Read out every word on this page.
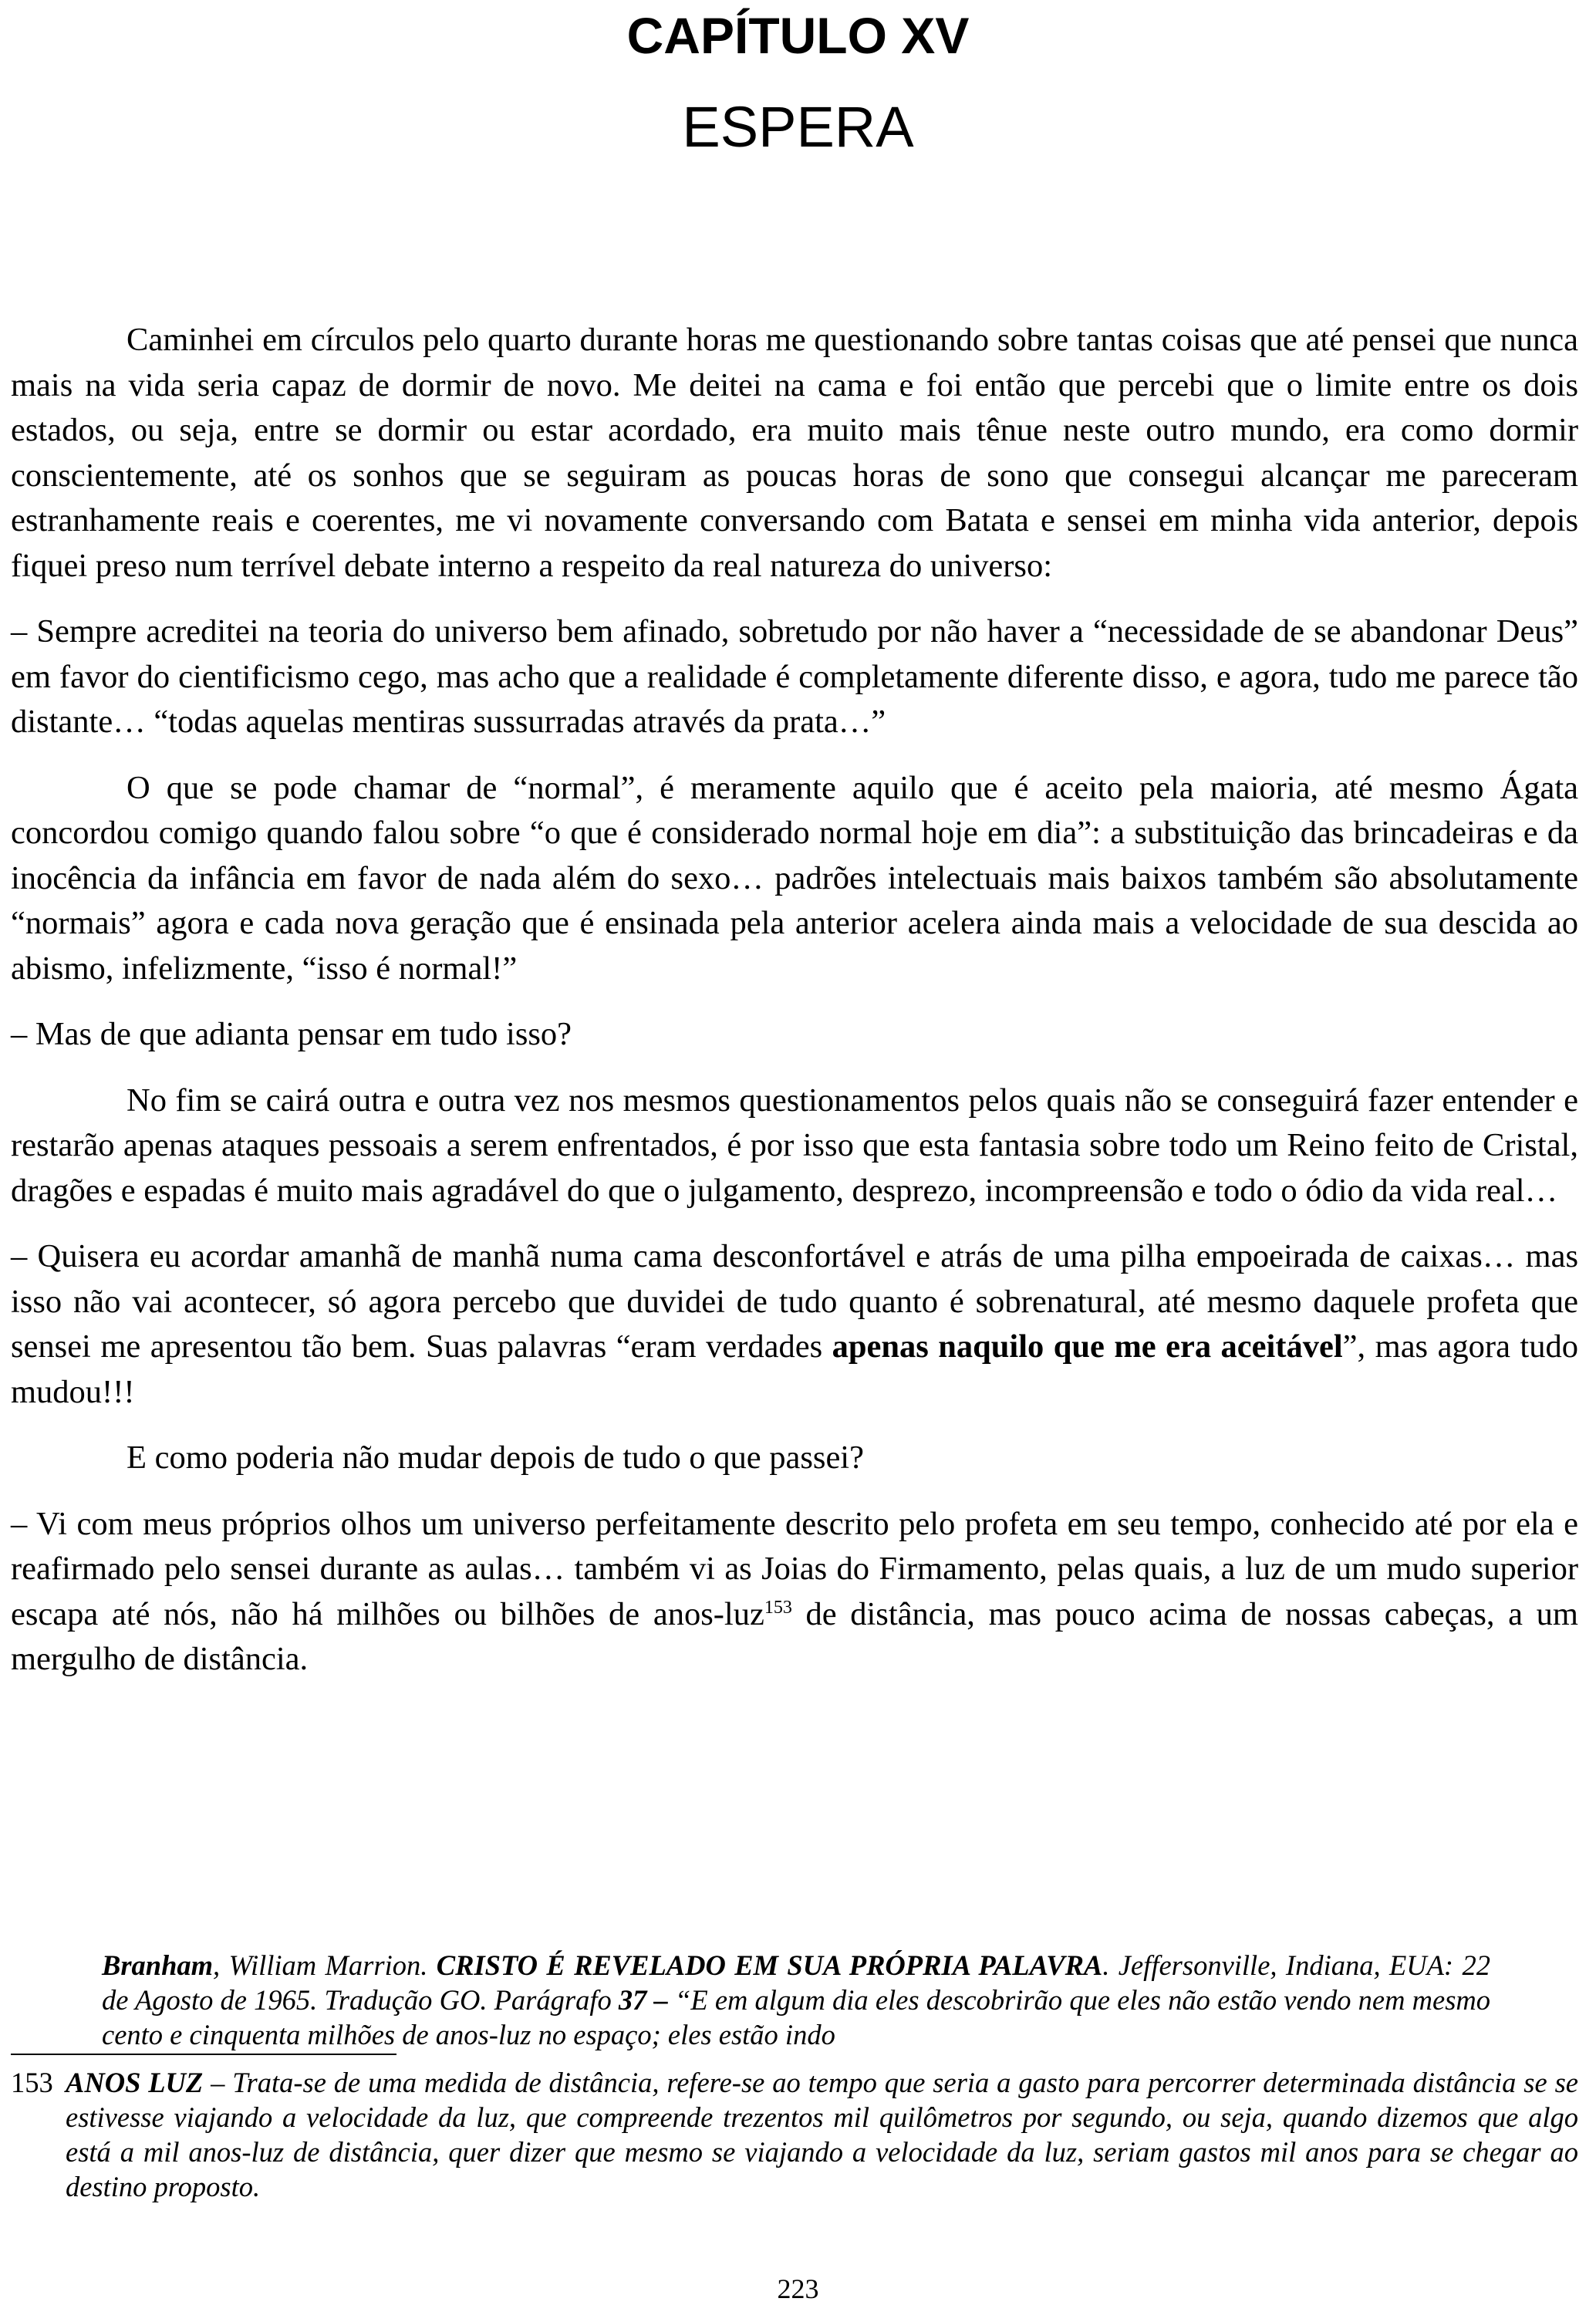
CAPÍTULO XV
ESPERA

Caminhei em círculos pelo quarto durante horas me questionando sobre tantas coisas que até pensei que nunca mais na vida seria capaz de dormir de novo. Me deitei na cama e foi então que percebi que o limite entre os dois estados, ou seja, entre se dormir ou estar acordado, era muito mais tênue neste outro mundo, era como dormir conscientemente, até os sonhos que se seguiram as poucas horas de sono que consegui alcançar me pareceram estranhamente reais e coerentes, me vi novamente conversando com Batata e sensei em minha vida anterior, depois fiquei preso num terrível debate interno a respeito da real natureza do universo:

– Sempre acreditei na teoria do universo bem afinado, sobretudo por não haver a “necessidade de se abandonar Deus” em favor do cientificismo cego, mas acho que a realidade é completamente diferente disso, e agora, tudo me parece tão distante… “todas aquelas mentiras sussurradas através da prata…”

O que se pode chamar de “normal”, é meramente aquilo que é aceito pela maioria, até mesmo Ágata concordou comigo quando falou sobre “o que é considerado normal hoje em dia”: a substituição das brincadeiras e da inocência da infância em favor de nada além do sexo… padrões intelectuais mais baixos também são absolutamente “normais” agora e cada nova geração que é ensinada pela anterior acelera ainda mais a velocidade de sua descida ao abismo, infelizmente, “isso é normal!”

– Mas de que adianta pensar em tudo isso?

No fim se cairá outra e outra vez nos mesmos questionamentos pelos quais não se conseguirá fazer entender e restarão apenas ataques pessoais a serem enfrentados, é por isso que esta fantasia sobre todo um Reino feito de Cristal, dragões e espadas é muito mais agradável do que o julgamento, desprezo, incompreensão e todo o ódio da vida real…

– Quisera eu acordar amanhã de manhã numa cama desconfortável e atrás de uma pilha empoeirada de caixas… mas isso não vai acontecer, só agora percebo que duvidei de tudo quanto é sobrenatural, até mesmo daquele profeta que sensei me apresentou tão bem. Suas palavras “eram verdades apenas naquilo que me era aceitável”, mas agora tudo mudou!!!

E como poderia não mudar depois de tudo o que passei?

– Vi com meus próprios olhos um universo perfeitamente descrito pelo profeta em seu tempo, conhecido até por ela e reafirmado pelo sensei durante as aulas… também vi as Joias do Firmamento, pelas quais, a luz de um mudo superior escapa até nós, não há milhões ou bilhões de anos-luz$^{153}$ de distância, mas pouco acima de nossas cabeças, a um mergulho de distância.

Branham, William Marrion. CRISTO É REVELADO EM SUA PRÓPRIA PALAVRA. Jeffersonville, Indiana, EUA: 22 de Agosto de 1965. Tradução GO. Parágrafo 37 – “E em algum dia eles descobrirão que eles não estão vendo nem mesmo cento e cinquenta milhões de anos-luz no espaço; eles estão indo

153 ANOS LUZ – Trata-se de uma medida de distância, refere-se ao tempo que seria a gasto para percorrer determinada distância se se estivesse viajando a velocidade da luz, que compreende trezentos mil quilômetros por segundo, ou seja, quando dizemos que algo está a mil anos-luz de distância, quer dizer que mesmo se viajando a velocidade da luz, seriam gastos mil anos para se chegar ao destino proposto.
223
